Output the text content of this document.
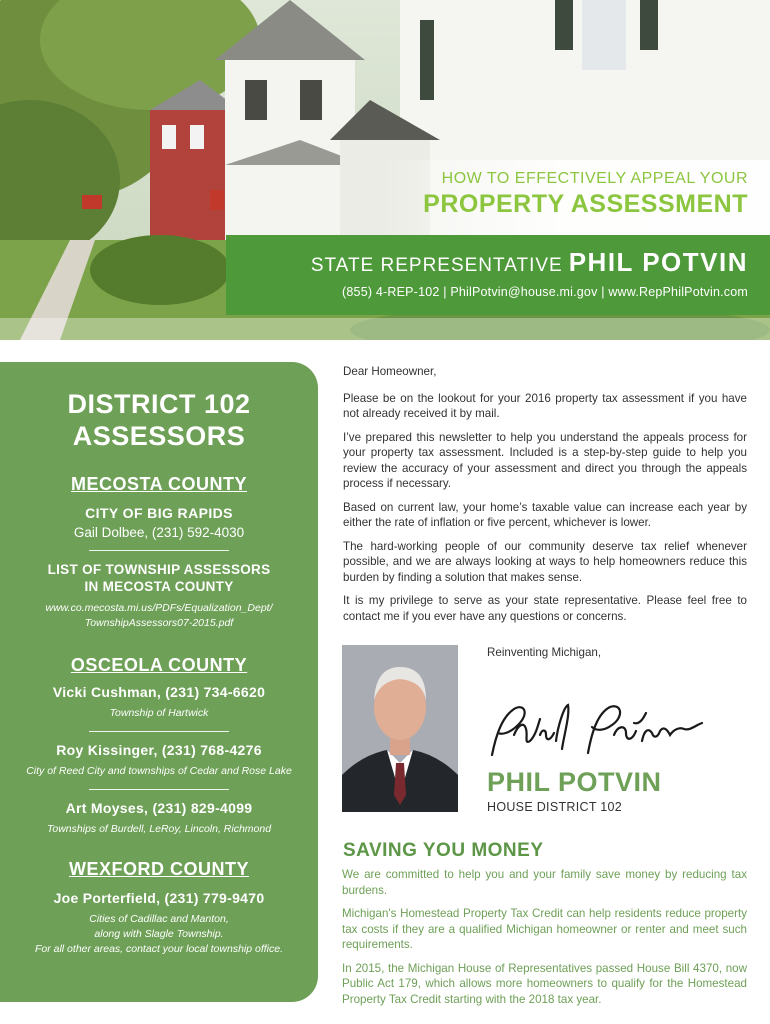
HOW TO EFFECTIVELY APPEAL YOUR
PROPERTY ASSESSMENT
STATE REPRESENTATIVE PHIL POTVIN
(855) 4-REP-102 | PhilPotvin@house.mi.gov | www.RepPhilPotvin.com
DISTRICT 102
ASSESSORS
MECOSTA COUNTY
CITY OF BIG RAPIDS
Gail Dolbee, (231) 592-4030
LIST OF TOWNSHIP ASSESSORS
IN MECOSTA COUNTY
www.co.mecosta.mi.us/PDFs/Equalization_Dept/
TownshipAssessors07-2015.pdf
OSCEOLA COUNTY
Vicki Cushman, (231) 734-6620
Township of Hartwick
Roy Kissinger, (231) 768-4276
City of Reed City and townships of Cedar and Rose Lake
Art Moyses, (231) 829-4099
Townships of Burdell, LeRoy, Lincoln, Richmond
WEXFORD COUNTY
Joe Porterfield, (231) 779-9470
Cities of Cadillac and Manton,
along with Slagle Township.
For all other areas, contact your local township office.

Dear Homeowner,

Please be on the lookout for your 2016 property tax assessment if you have not already received it by mail.

I’ve prepared this newsletter to help you understand the appeals process for your property tax assessment. Included is a step-by-step guide to help you review the accuracy of your assessment and direct you through the appeals process if necessary.

Based on current law, your home’s taxable value can increase each year by either the rate of inflation or five percent, whichever is lower.

The hard-working people of our community deserve tax relief whenever possible, and we are always looking at ways to help homeowners reduce this burden by finding a solution that makes sense.

It is my privilege to serve as your state representative. Please feel free to contact me if you ever have any questions or concerns.

Reinventing Michigan,
PHIL POTVIN
HOUSE DISTRICT 102
SAVING YOU MONEY

We are committed to help you and your family save money by reducing tax burdens.

Michigan's Homestead Property Tax Credit can help residents reduce property tax costs if they are a qualified Michigan homeowner or renter and meet such requirements.

In 2015, the Michigan House of Representatives passed House Bill 4370, now Public Act 179, which allows more homeowners to qualify for the Homestead Property Tax Credit starting with the 2018 tax year.
